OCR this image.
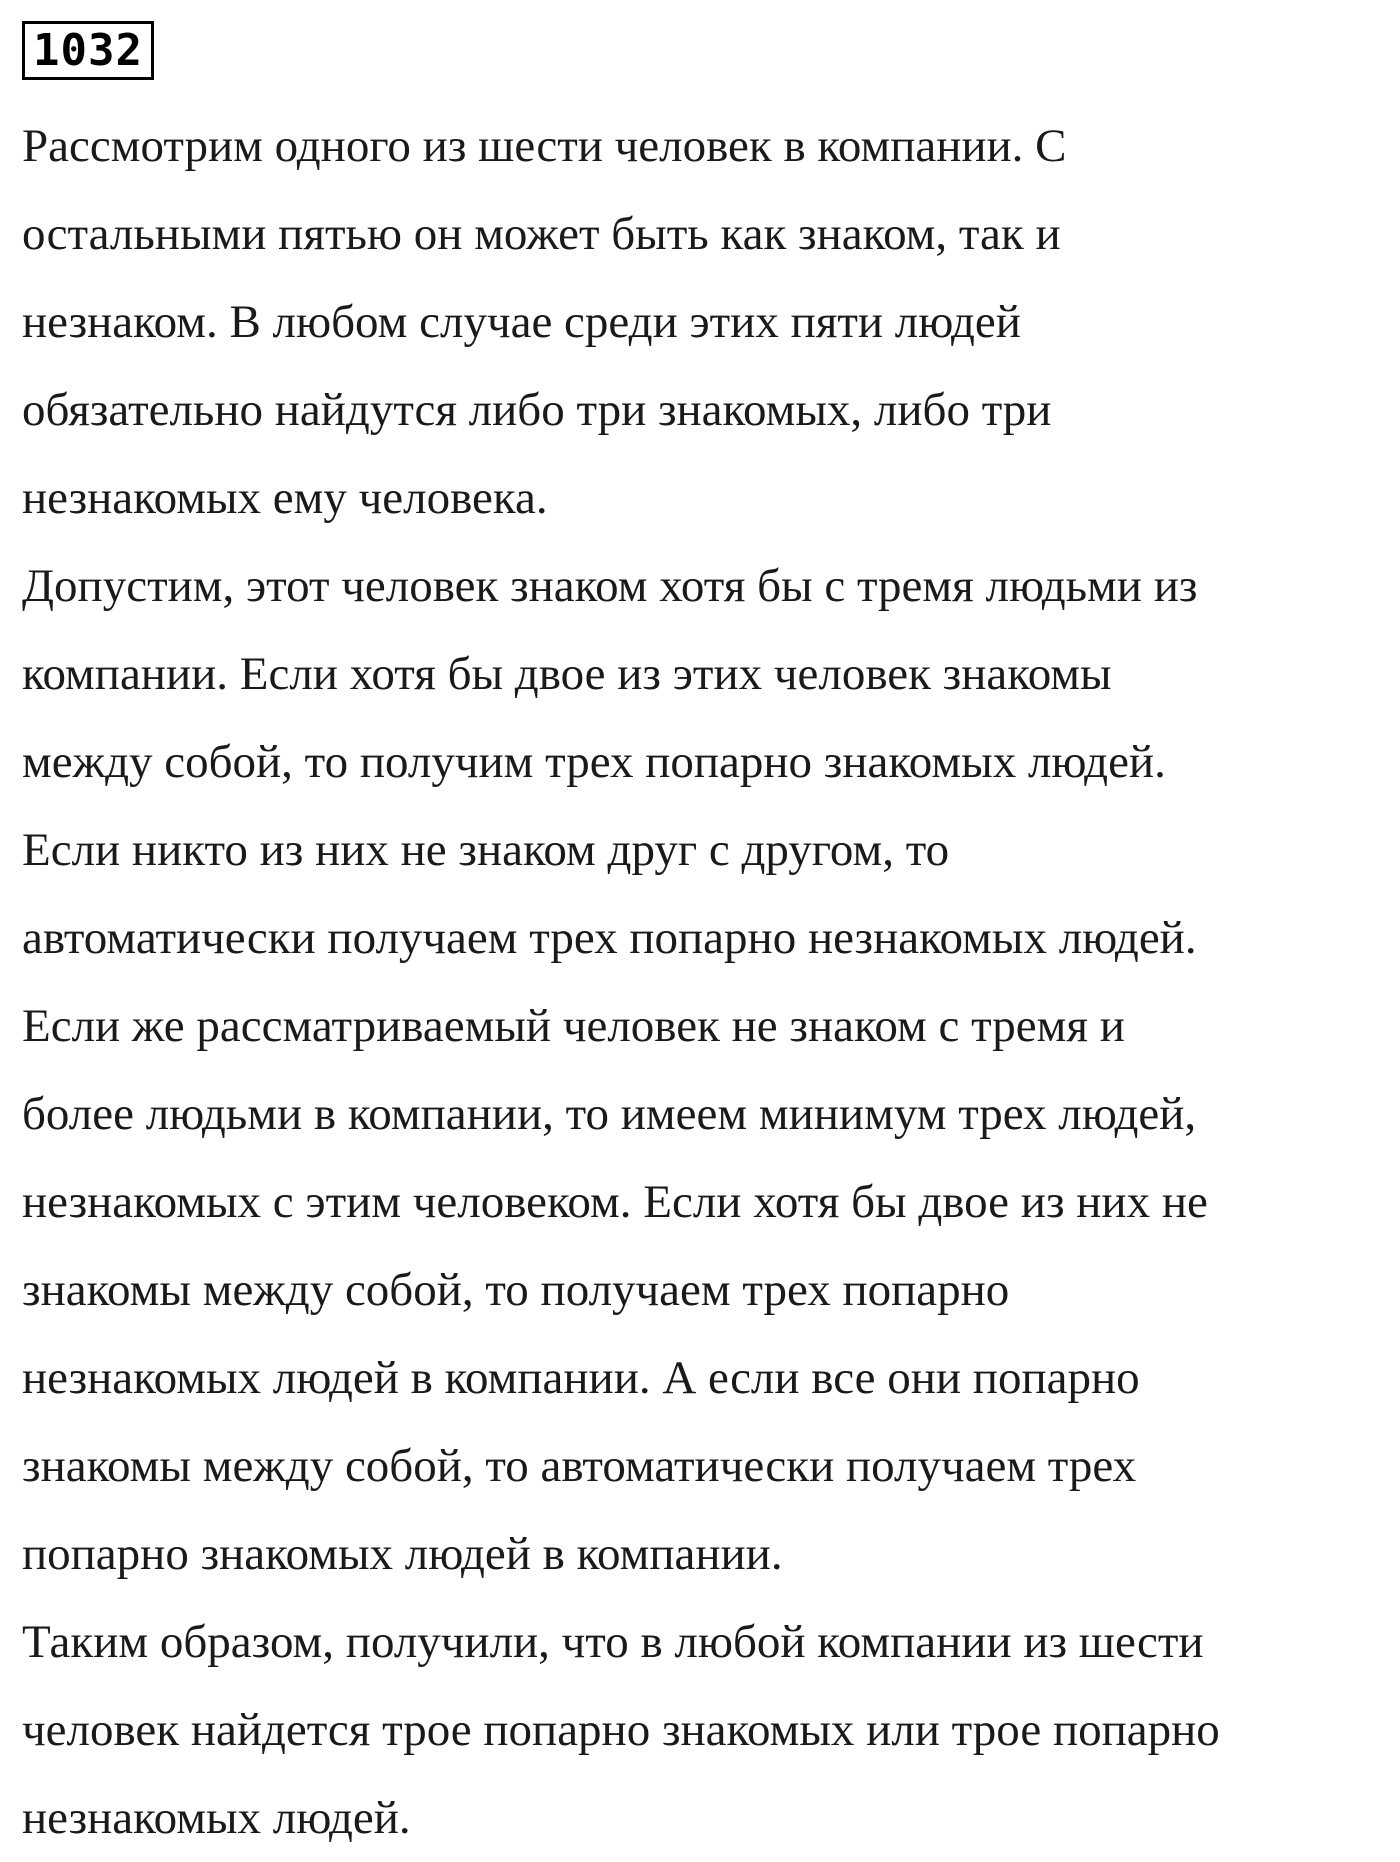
1032
Рассмотрим одного из шести человек в компании. С
остальными пятью он может быть как знаком, так и
незнаком. В любом случае среди этих пяти людей
обязательно найдутся либо три знакомых, либо три
незнакомых ему человека.
Допустим, этот человек знаком хотя бы с тремя людьми из
компании. Если хотя бы двое из этих человек знакомы
между собой, то получим трех попарно знакомых людей.
Если никто из них не знаком друг с другом, то
автоматически получаем трех попарно незнакомых людей.
Если же рассматриваемый человек не знаком с тремя и
более людьми в компании, то имеем минимум трех людей,
незнакомых с этим человеком. Если хотя бы двое из них не
знакомы между собой, то получаем трех попарно
незнакомых людей в компании. А если все они попарно
знакомы между собой, то автоматически получаем трех
попарно знакомых людей в компании.
Таким образом, получили, что в любой компании из шести
человек найдется трое попарно знакомых или трое попарно
незнакомых людей.
